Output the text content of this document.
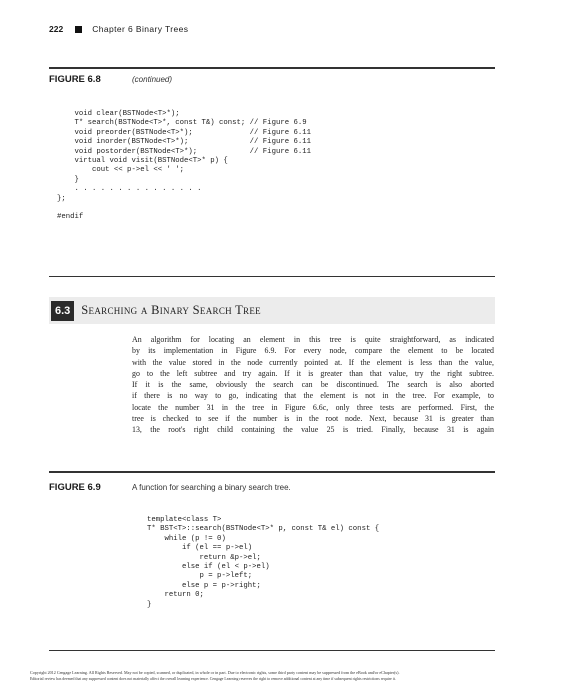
222	Chapter 6 Binary Trees
FIGURE 6.8	(continued)
void clear(BSTNode<T>*);
T* search(BSTNode<T>*, const T&) const; // Figure 6.9
void preorder(BSTNode<T>*);             // Figure 6.11
void inorder(BSTNode<T>*);              // Figure 6.11
void postorder(BSTNode<T>*);            // Figure 6.11
virtual void visit(BSTNode<T>* p) {
cout << p->el << ' ';
}
. . . . . . . . . . . . . . .
};

#endif
6.3 Searching a Binary Search Tree

An algorithm for locating an element in this tree is quite straightforward, as indicated

by its implementation in Figure 6.9. For every node, compare the element to be located

with the value stored in the node currently pointed at. If the element is less than the value,

go to the left subtree and try again. If it is greater than that value, try the right subtree.

If it is the same, obviously the search can be discontinued. The search is also aborted

if there is no way to go, indicating that the element is not in the tree. For example, to

locate the number 31 in the tree in Figure 6.6c, only three tests are performed. First, the

tree is checked to see if the number is in the root node. Next, because 31 is greater than

13, the root's right child containing the value 25 is tried. Finally, because 31 is again

FIGURE 6.9	A function for searching a binary search tree.
template<class T>
T* BST<T>::search(BSTNode<T>* p, const T& el) const {
while (p != 0)
if (el == p->el)
return &p->el;
else if (el < p->el)
p = p->left;
else p = p->right;
return 0;
}
Copyright 2012 Cengage Learning. All Rights Reserved. May not be copied, scanned, or duplicated, in whole or in part. Due to electronic rights, some third party content may be suppressed from the eBook and/or eChapter(s).
Editorial review has deemed that any suppressed content does not materially affect the overall learning experience. Cengage Learning reserves the right to remove additional content at any time if subsequent rights restrictions require it.
